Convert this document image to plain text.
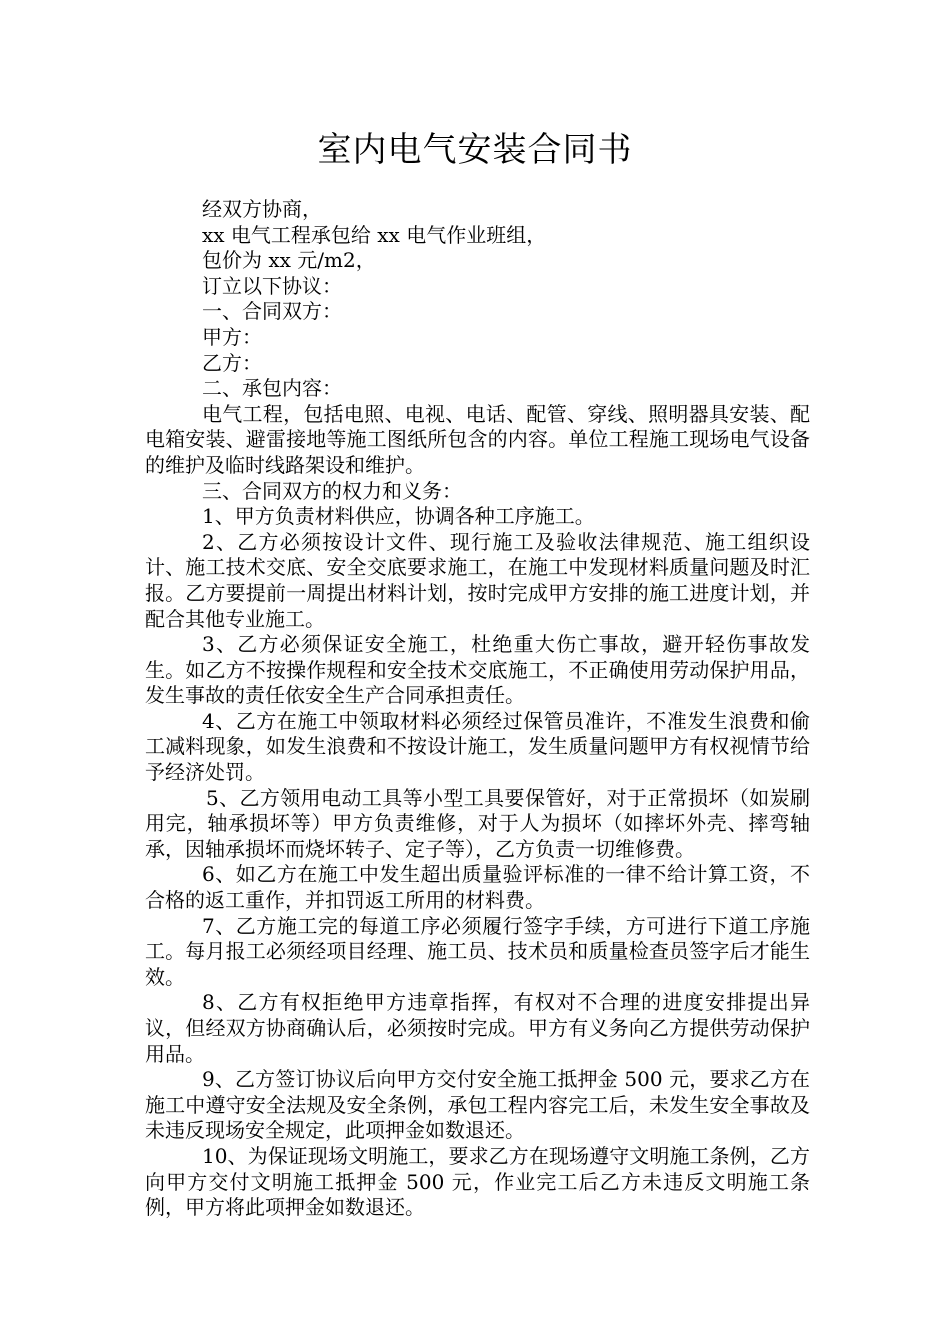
室内电气安装合同书

经双方协商，

xx 电气工程承包给 xx 电气作业班组，

包价为 xx 元/m2，

订立以下协议：

一、合同双方：

甲方：

乙方：

二、承包内容：

电气工程，包括电照、电视、电话、配管、穿线、照明器具安装、配电箱安装、避雷接地等施工图纸所包含的内容。单位工程施工现场电气设备的维护及临时线路架设和维护。

三、合同双方的权力和义务：

1、甲方负责材料供应，协调各种工序施工。

2、乙方必须按设计文件、现行施工及验收法律规范、施工组织设计、施工技术交底、安全交底要求施工，在施工中发现材料质量问题及时汇报。乙方要提前一周提出材料计划，按时完成甲方安排的施工进度计划，并配合其他专业施工。

3、乙方必须保证安全施工，杜绝重大伤亡事故，避开轻伤事故发生。如乙方不按操作规程和安全技术交底施工，不正确使用劳动保护用品，发生事故的责任依安全生产合同承担责任。

4、乙方在施工中领取材料必须经过保管员准许，不准发生浪费和偷工减料现象，如发生浪费和不按设计施工，发生质量问题甲方有权视情节给予经济处罚。

5、乙方领用电动工具等小型工具要保管好，对于正常损坏（如炭刷用完，轴承损坏等）甲方负责维修，对于人为损坏（如摔坏外壳、摔弯轴承，因轴承损坏而烧坏转子、定子等），乙方负责一切维修费。

6、如乙方在施工中发生超出质量验评标准的一律不给计算工资，不合格的返工重作，并扣罚返工所用的材料费。

7、乙方施工完的每道工序必须履行签字手续，方可进行下道工序施工。每月报工必须经项目经理、施工员、技术员和质量检查员签字后才能生效。

8、乙方有权拒绝甲方违章指挥，有权对不合理的进度安排提出异议，但经双方协商确认后，必须按时完成。甲方有义务向乙方提供劳动保护用品。

9、乙方签订协议后向甲方交付安全施工抵押金 500 元，要求乙方在施工中遵守安全法规及安全条例，承包工程内容完工后，未发生安全事故及未违反现场安全规定，此项押金如数退还。

10、为保证现场文明施工，要求乙方在现场遵守文明施工条例，乙方向甲方交付文明施工抵押金 500 元，作业完工后乙方未违反文明施工条例，甲方将此项押金如数退还。
